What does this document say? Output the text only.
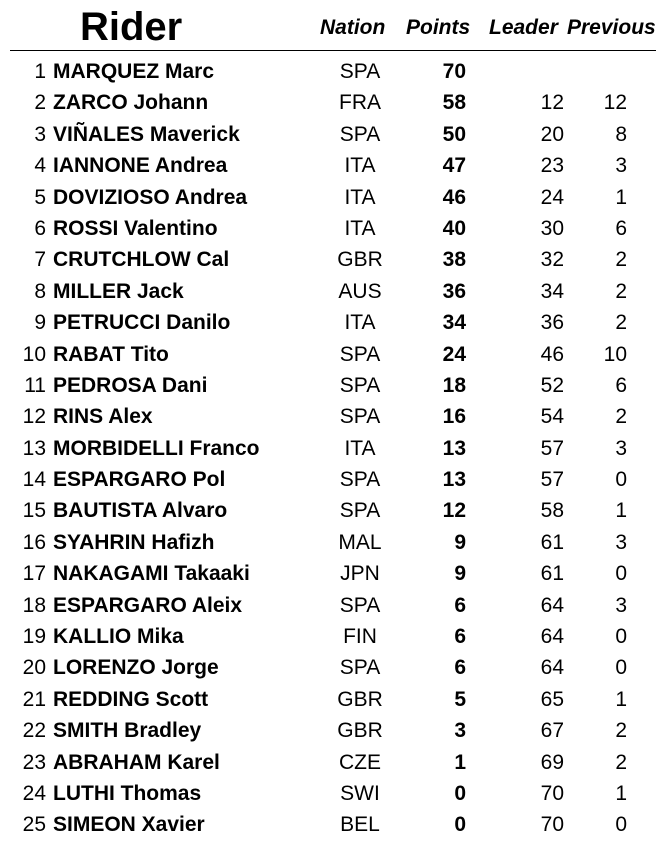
Rider	Nation Points Leader Previous
1 MARQUEZ Marc	SPA	70
2 ZARCO Johann	FRA	58	12	12
3 VIÑALES Maverick	SPA	50	20	8
4 IANNONE Andrea	ITA	47	23	3
5 DOVIZIOSO Andrea	ITA	46	24	1
6 ROSSI Valentino	ITA	40	30	6
7 CRUTCHLOW Cal	GBR	38	32	2
8 MILLER Jack	AUS	36	34	2
9 PETRUCCI Danilo	ITA	34	36	2
10 RABAT Tito	SPA	24	46	10
11 PEDROSA Dani	SPA	18	52	6
12 RINS Alex	SPA	16	54	2
13 MORBIDELLI Franco	ITA	13	57	3
14 ESPARGARO Pol	SPA	13	57	0
15 BAUTISTA Alvaro	SPA	12	58	1
16 SYAHRIN Hafizh	MAL	9	61	3
17 NAKAGAMI Takaaki	JPN	9	61	0
18 ESPARGARO Aleix	SPA	6	64	3
19 KALLIO Mika	FIN	6	64	0
20 LORENZO Jorge	SPA	6	64	0
21 REDDING Scott	GBR	5	65	1
22 SMITH Bradley	GBR	3	67	2
23 ABRAHAM Karel	CZE	1	69	2
24 LUTHI Thomas	SWI	0	70	1
25 SIMEON Xavier	BEL	0	70	0
